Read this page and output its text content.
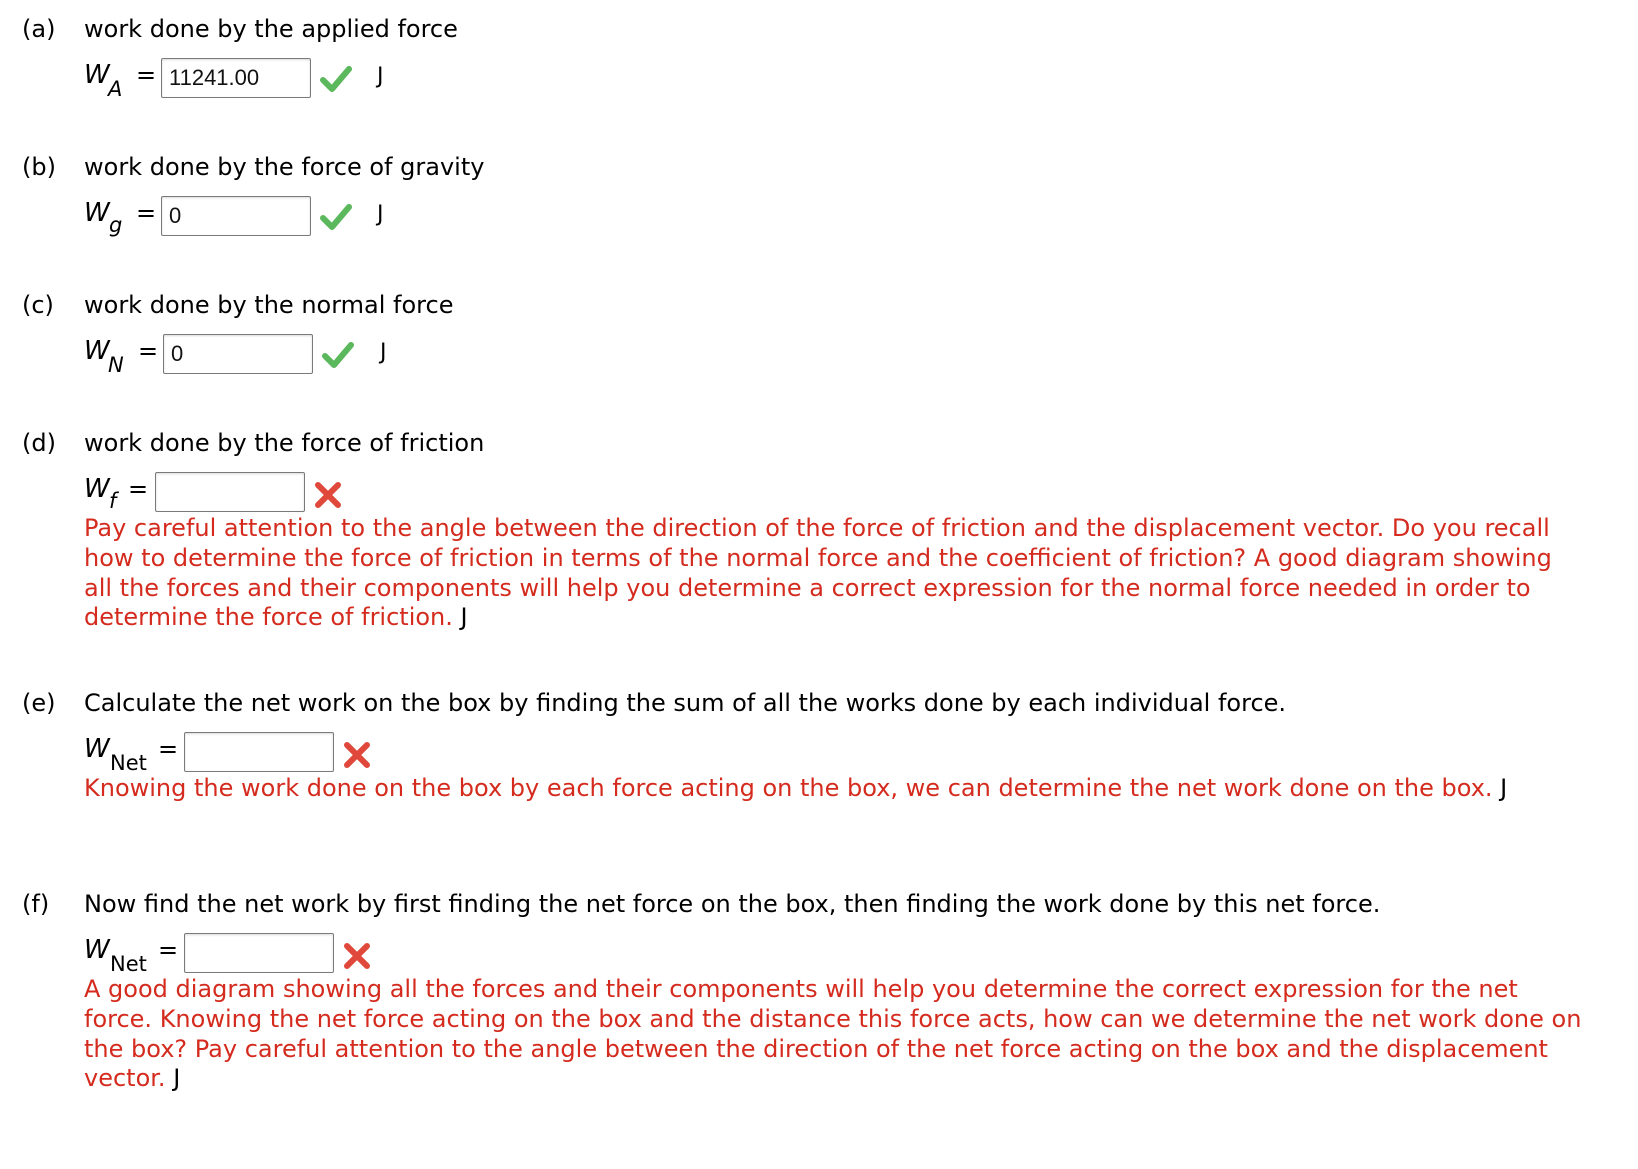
(a) work done by the applied force
W
A =
11241.00	J
(b) work done by the force of gravity
W g =
0	J
(c) work done by the normal force
W
N =
0	J
(d) work done by the force of friction
W f =
Pay careful attention to the angle between the direction of the force of friction and the displacement vector. Do you recall how to determine the force of friction in terms of the normal force and the coefficient of friction? A good diagram showing all the forces and their components will help you determine a correct expression for the normal force needed in order to determine the force of friction. J
(e) Calculate the net work on the box by finding the sum of all the works done by each individual force.
W Net =
Knowing the work done on the box by each force acting on the box, we can determine the net work done on the box. J
(f) Now find the net work by first finding the net force on the box, then finding the work done by this net force.
W Net =
A good diagram showing all the forces and their components will help you determine the correct expression for the net force. Knowing the net force acting on the box and the distance this force acts, how can we determine the net work done on the box? Pay careful attention to the angle between the direction of the net force acting on the box and the displacement vector. J
